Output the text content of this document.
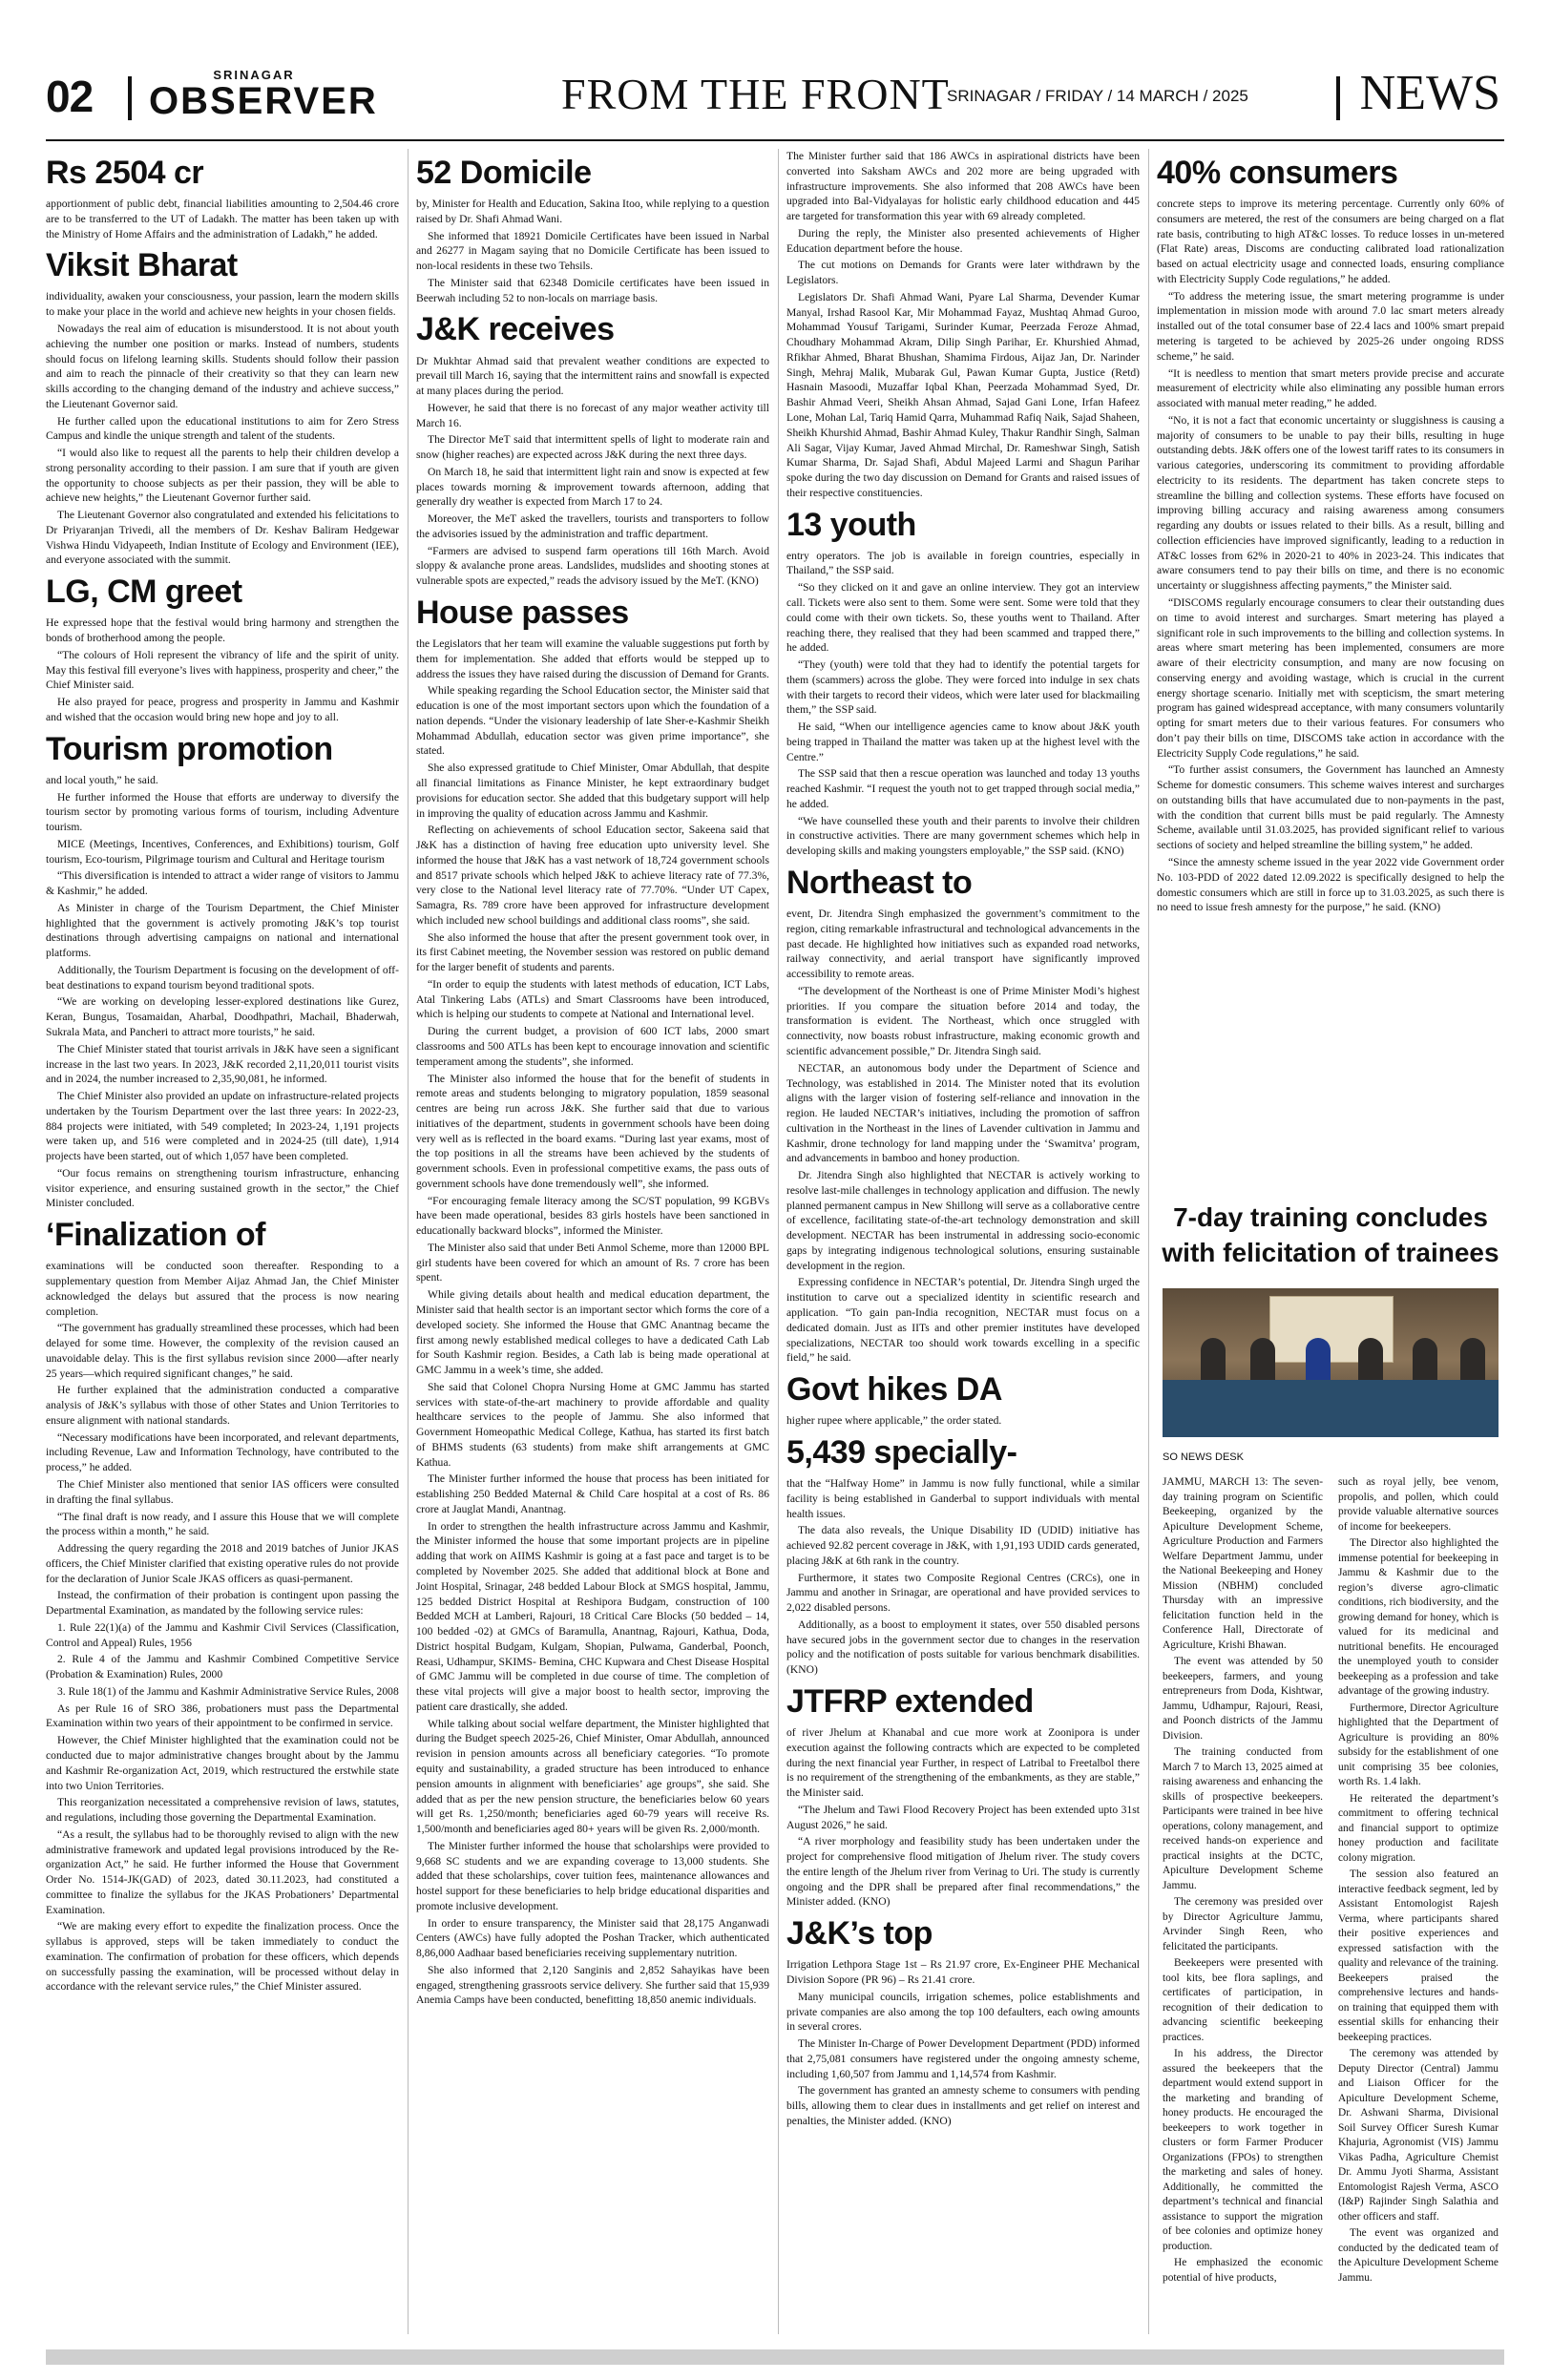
02	SRINAGAR
OBSERVER	FROM THE FRONT
SRINAGAR / FRIDAY / 14 MARCH / 2025 NEWS
Rs 2504 cr

apportionment of public debt, financial liabilities amounting to 2,504.46 crore are to be transferred to the UT of Ladakh. The matter has been taken up with the Ministry of Home Affairs and the administration of Ladakh,” he added.

Viksit Bharat

individuality, awaken your consciousness, your passion, learn the modern skills to make your place in the world and achieve new heights in your chosen fields.

Nowadays the real aim of education is misunderstood. It is not about youth achieving the number one position or marks. Instead of numbers, students should focus on lifelong learning skills. Students should follow their passion and aim to reach the pinnacle of their creativity so that they can learn new skills according to the changing demand of the industry and achieve success,” the Lieutenant Governor said.

He further called upon the educational institutions to aim for Zero Stress Campus and kindle the unique strength and talent of the students.

“I would also like to request all the parents to help their children develop a strong personality according to their passion. I am sure that if youth are given the opportunity to choose subjects as per their passion, they will be able to achieve new heights,” the Lieutenant Governor further said.

The Lieutenant Governor also congratulated and extended his felicitations to Dr Priyaranjan Trivedi, all the members of Dr. Keshav Baliram Hedgewar Vishwa Hindu Vidyapeeth, Indian Institute of Ecology and Environment (IEE), and everyone associated with the summit.

LG, CM greet

He expressed hope that the festival would bring harmony and strengthen the bonds of brotherhood among the people.

“The colours of Holi represent the vibrancy of life and the spirit of unity. May this festival fill everyone’s lives with happiness, prosperity and cheer,” the Chief Minister said.

He also prayed for peace, progress and prosperity in Jammu and Kashmir and wished that the occasion would bring new hope and joy to all.

Tourism promotion

and local youth,” he said.

He further informed the House that efforts are underway to diversify the tourism sector by promoting various forms of tourism, including Adventure tourism.

MICE (Meetings, Incentives, Conferences, and Exhibitions) tourism, Golf tourism, Eco-tourism, Pilgrimage tourism and Cultural and Heritage tourism

“This diversification is intended to attract a wider range of visitors to Jammu & Kashmir,” he added.

As Minister in charge of the Tourism Department, the Chief Minister highlighted that the government is actively promoting J&K’s top tourist destinations through advertising campaigns on national and international platforms.

Additionally, the Tourism Department is focusing on the development of off-beat destinations to expand tourism beyond traditional spots.

“We are working on developing lesser-explored destinations like Gurez, Keran, Bungus, Tosamaidan, Aharbal, Doodhpathri, Machail, Bhaderwah, Sukrala Mata, and Pancheri to attract more tourists,” he said.

The Chief Minister stated that tourist arrivals in J&K have seen a significant increase in the last two years. In 2023, J&K recorded 2,11,20,011 tourist visits and in 2024, the number increased to 2,35,90,081, he informed.

The Chief Minister also provided an update on infrastructure-related projects undertaken by the Tourism Department over the last three years: In 2022-23, 884 projects were initiated, with 549 completed; In 2023-24, 1,191 projects were taken up, and 516 were completed and in 2024-25 (till date), 1,914 projects have been started, out of which 1,057 have been completed.

“Our focus remains on strengthening tourism infrastructure, enhancing visitor experience, and ensuring sustained growth in the sector,” the Chief Minister concluded.

‘Finalization of

examinations will be conducted soon thereafter. Responding to a supplementary question from Member Aijaz Ahmad Jan, the Chief Minister acknowledged the delays but assured that the process is now nearing completion.

“The government has gradually streamlined these processes, which had been delayed for some time. However, the complexity of the revision caused an unavoidable delay. This is the first syllabus revision since 2000—after nearly 25 years—which required significant changes,” he said.

He further explained that the administration conducted a comparative analysis of J&K’s syllabus with those of other States and Union Territories to ensure alignment with national standards.

“Necessary modifications have been incorporated, and relevant departments, including Revenue, Law and Information Technology, have contributed to the process,” he added.

The Chief Minister also mentioned that senior IAS officers were consulted in drafting the final syllabus.

“The final draft is now ready, and I assure this House that we will complete the process within a month,” he said.

Addressing the query regarding the 2018 and 2019 batches of Junior JKAS officers, the Chief Minister clarified that existing operative rules do not provide for the declaration of Junior Scale JKAS officers as quasi-permanent.

Instead, the confirmation of their probation is contingent upon passing the Departmental Examination, as mandated by the following service rules:

1. Rule 22(1)(a) of the Jammu and Kashmir Civil Services (Classification, Control and Appeal) Rules, 1956

2. Rule 4 of the Jammu and Kashmir Combined Competitive Service (Probation & Examination) Rules, 2000

3. Rule 18(1) of the Jammu and Kashmir Administrative Service Rules, 2008

As per Rule 16 of SRO 386, probationers must pass the Departmental Examination within two years of their appointment to be confirmed in service.

However, the Chief Minister highlighted that the examination could not be conducted due to major administrative changes brought about by the Jammu and Kashmir Re-organization Act, 2019, which restructured the erstwhile state into two Union Territories.

This reorganization necessitated a comprehensive revision of laws, statutes, and regulations, including those governing the Departmental Examination.

“As a result, the syllabus had to be thoroughly revised to align with the new administrative framework and updated legal provisions introduced by the Re-organization Act,” he said. He further informed the House that Government Order No. 1514-JK(GAD) of 2023, dated 30.11.2023, had constituted a committee to finalize the syllabus for the JKAS Probationers’ Departmental Examination.

“We are making every effort to expedite the finalization process. Once the syllabus is approved, steps will be taken immediately to conduct the examination. The confirmation of probation for these officers, which depends on successfully passing the examination, will be processed without delay in accordance with the relevant service rules,” the Chief Minister assured.

52 Domicile

by, Minister for Health and Education, Sakina Itoo, while replying to a question raised by Dr. Shafi Ahmad Wani.

She informed that 18921 Domicile Certificates have been issued in Narbal and 26277 in Magam saying that no Domicile Certificate has been issued to non-local residents in these two Tehsils.

The Minister said that 62348 Domicile certificates have been issued in Beerwah including 52 to non-locals on marriage basis.

J&K receives

Dr Mukhtar Ahmad said that prevalent weather conditions are expected to prevail till March 16, saying that the intermittent rains and snowfall is expected at many places during the period.

However, he said that there is no forecast of any major weather activity till March 16.

The Director MeT said that intermittent spells of light to moderate rain and snow (higher reaches) are expected across J&K during the next three days.

On March 18, he said that intermittent light rain and snow is expected at few places towards morning & improvement towards afternoon, adding that generally dry weather is expected from March 17 to 24.

Moreover, the MeT asked the travellers, tourists and transporters to follow the advisories issued by the administration and traffic department.

“Farmers are advised to suspend farm operations till 16th March. Avoid sloppy & avalanche prone areas. Landslides, mudslides and shooting stones at vulnerable spots are expected,” reads the advisory issued by the MeT. (KNO)

House passes

the Legislators that her team will examine the valuable suggestions put forth by them for implementation. She added that efforts would be stepped up to address the issues they have raised during the discussion of Demand for Grants.

While speaking regarding the School Education sector, the Minister said that education is one of the most important sectors upon which the foundation of a nation depends. “Under the visionary leadership of late Sher-e-Kashmir Sheikh Mohammad Abdullah, education sector was given prime importance”, she stated.

She also expressed gratitude to Chief Minister, Omar Abdullah, that despite all financial limitations as Finance Minister, he kept extraordinary budget provisions for education sector. She added that this budgetary support will help in improving the quality of education across Jammu and Kashmir.

Reflecting on achievements of school Education sector, Sakeena said that J&K has a distinction of having free education upto university level. She informed the house that J&K has a vast network of 18,724 government schools and 8517 private schools which helped J&K to achieve literacy rate of 77.3%, very close to the National level literacy rate of 77.70%. “Under UT Capex, Samagra, Rs. 789 crore have been approved for infrastructure development which included new school buildings and additional class rooms”, she said.

She also informed the house that after the present government took over, in its first Cabinet meeting, the November session was restored on public demand for the larger benefit of students and parents.

“In order to equip the students with latest methods of education, ICT Labs, Atal Tinkering Labs (ATLs) and Smart Classrooms have been introduced, which is helping our students to compete at National and International level.

During the current budget, a provision of 600 ICT labs, 2000 smart classrooms and 500 ATLs has been kept to encourage innovation and scientific temperament among the students”, she informed.

The Minister also informed the house that for the benefit of students in remote areas and students belonging to migratory population, 1859 seasonal centres are being run across J&K. She further said that due to various initiatives of the department, students in government schools have been doing very well as is reflected in the board exams. “During last year exams, most of the top positions in all the streams have been achieved by the students of government schools. Even in professional competitive exams, the pass outs of government schools have done tremendously well”, she informed.

“For encouraging female literacy among the SC/ST population, 99 KGBVs have been made operational, besides 83 girls hostels have been sanctioned in educationally backward blocks”, informed the Minister.

The Minister also said that under Beti Anmol Scheme, more than 12000 BPL girl students have been covered for which an amount of Rs. 7 crore has been spent.

While giving details about health and medical education department, the Minister said that health sector is an important sector which forms the core of a developed society. She informed the House that GMC Anantnag became the first among newly established medical colleges to have a dedicated Cath Lab for South Kashmir region. Besides, a Cath lab is being made operational at GMC Jammu in a week’s time, she added.

She said that Colonel Chopra Nursing Home at GMC Jammu has started services with state-of-the-art machinery to provide affordable and quality healthcare services to the people of Jammu. She also informed that Government Homeopathic Medical College, Kathua, has started its first batch of BHMS students (63 students) from make shift arrangements at GMC Kathua.

The Minister further informed the house that process has been initiated for establishing 250 Bedded Maternal & Child Care hospital at a cost of Rs. 86 crore at Jauglat Mandi, Anantnag.

In order to strengthen the health infrastructure across Jammu and Kashmir, the Minister informed the house that some important projects are in pipeline adding that work on AIIMS Kashmir is going at a fast pace and target is to be completed by November 2025. She added that additional block at Bone and Joint Hospital, Srinagar, 248 bedded Labour Block at SMGS hospital, Jammu, 125 bedded District Hospital at Reshipora Budgam, construction of 100 Bedded MCH at Lamberi, Rajouri, 18 Critical Care Blocks (50 bedded – 14, 100 bedded -02) at GMCs of Baramulla, Anantnag, Rajouri, Kathua, Doda, District hospital Budgam, Kulgam, Shopian, Pulwama, Ganderbal, Poonch, Reasi, Udhampur, SKIMS- Bemina, CHC Kupwara and Chest Disease Hospital of GMC Jammu will be completed in due course of time. The completion of these vital projects will give a major boost to health sector, improving the patient care drastically, she added.

While talking about social welfare department, the Minister highlighted that during the Budget speech 2025-26, Chief Minister, Omar Abdullah, announced revision in pension amounts across all beneficiary categories. “To promote equity and sustainability, a graded structure has been introduced to enhance pension amounts in alignment with beneficiaries’ age groups”, she said. She added that as per the new pension structure, the beneficiaries below 60 years will get Rs. 1,250/month; beneficiaries aged 60-79 years will receive Rs. 1,500/month and beneficiaries aged 80+ years will be given Rs. 2,000/month.

The Minister further informed the house that scholarships were provided to 9,668 SC students and we are expanding coverage to 13,000 students. She added that these scholarships, cover tuition fees, maintenance allowances and hostel support for these beneficiaries to help bridge educational disparities and promote inclusive development.

In order to ensure transparency, the Minister said that 28,175 Anganwadi Centers (AWCs) have fully adopted the Poshan Tracker, which authenticated 8,86,000 Aadhaar based beneficiaries receiving supplementary nutrition.

She also informed that 2,120 Sanginis and 2,852 Sahayikas have been engaged, strengthening grassroots service delivery. She further said that 15,939 Anemia Camps have been conducted, benefitting 18,850 anemic individuals.

The Minister further said that 186 AWCs in aspirational districts have been converted into Saksham AWCs and 202 more are being upgraded with infrastructure improvements. She also informed that 208 AWCs have been upgraded into Bal-Vidyalayas for holistic early childhood education and 445 are targeted for transformation this year with 69 already completed.

During the reply, the Minister also presented achievements of Higher Education department before the house.

The cut motions on Demands for Grants were later withdrawn by the Legislators.

Legislators Dr. Shafi Ahmad Wani, Pyare Lal Sharma, Devender Kumar Manyal, Irshad Rasool Kar, Mir Mohammad Fayaz, Mushtaq Ahmad Guroo, Mohammad Yousuf Tarigami, Surinder Kumar, Peerzada Feroze Ahmad, Choudhary Mohammad Akram, Dilip Singh Parihar, Er. Khurshied Ahmad, Rfikhar Ahmed, Bharat Bhushan, Shamima Firdous, Aijaz Jan, Dr. Narinder Singh, Mehraj Malik, Mubarak Gul, Pawan Kumar Gupta, Justice (Retd) Hasnain Masoodi, Muzaffar Iqbal Khan, Peerzada Mohammad Syed, Dr. Bashir Ahmad Veeri, Sheikh Ahsan Ahmad, Sajad Gani Lone, Irfan Hafeez Lone, Mohan Lal, Tariq Hamid Qarra, Muhammad Rafiq Naik, Sajad Shaheen, Sheikh Khurshid Ahmad, Bashir Ahmad Kuley, Thakur Randhir Singh, Salman Ali Sagar, Vijay Kumar, Javed Ahmad Mirchal, Dr. Rameshwar Singh, Satish Kumar Sharma, Dr. Sajad Shafi, Abdul Majeed Larmi and Shagun Parihar spoke during the two day discussion on Demand for Grants and raised issues of their respective constituencies.

13 youth

entry operators. The job is available in foreign countries, especially in Thailand,” the SSP said.

“So they clicked on it and gave an online interview. They got an interview call. Tickets were also sent to them. Some were sent. Some were told that they could come with their own tickets. So, these youths went to Thailand. After reaching there, they realised that they had been scammed and trapped there,” he added.

“They (youth) were told that they had to identify the potential targets for them (scammers) across the globe. They were forced into indulge in sex chats with their targets to record their videos, which were later used for blackmailing them,” the SSP said.

He said, “When our intelligence agencies came to know about J&K youth being trapped in Thailand the matter was taken up at the highest level with the Centre.”

The SSP said that then a rescue operation was launched and today 13 youths reached Kashmir. “I request the youth not to get trapped through social media,” he added.

“We have counselled these youth and their parents to involve their children in constructive activities. There are many government schemes which help in developing skills and making youngsters employable,” the SSP said. (KNO)

Northeast to

event, Dr. Jitendra Singh emphasized the government’s commitment to the region, citing remarkable infrastructural and technological advancements in the past decade. He highlighted how initiatives such as expanded road networks, railway connectivity, and aerial transport have significantly improved accessibility to remote areas.

“The development of the Northeast is one of Prime Minister Modi’s highest priorities. If you compare the situation before 2014 and today, the transformation is evident. The Northeast, which once struggled with connectivity, now boasts robust infrastructure, making economic growth and scientific advancement possible,” Dr. Jitendra Singh said.

NECTAR, an autonomous body under the Department of Science and Technology, was established in 2014. The Minister noted that its evolution aligns with the larger vision of fostering self-reliance and innovation in the region. He lauded NECTAR’s initiatives, including the promotion of saffron cultivation in the Northeast in the lines of Lavender cultivation in Jammu and Kashmir, drone technology for land mapping under the ‘Swamitva’ program, and advancements in bamboo and honey production.

Dr. Jitendra Singh also highlighted that NECTAR is actively working to resolve last-mile challenges in technology application and diffusion. The newly planned permanent campus in New Shillong will serve as a collaborative centre of excellence, facilitating state-of-the-art technology demonstration and skill development. NECTAR has been instrumental in addressing socio-economic gaps by integrating indigenous technological solutions, ensuring sustainable development in the region.

Expressing confidence in NECTAR’s potential, Dr. Jitendra Singh urged the institution to carve out a specialized identity in scientific research and application. “To gain pan-India recognition, NECTAR must focus on a dedicated domain. Just as IITs and other premier institutes have developed specializations, NECTAR too should work towards excelling in a specific field,” he said.

Govt hikes DA

higher rupee where applicable,” the order stated.

5,439 specially-

that the “Halfway Home” in Jammu is now fully functional, while a similar facility is being established in Ganderbal to support individuals with mental health issues.

The data also reveals, the Unique Disability ID (UDID) initiative has achieved 92.82 percent coverage in J&K, with 1,91,193 UDID cards generated, placing J&K at 6th rank in the country.

Furthermore, it states two Composite Regional Centres (CRCs), one in Jammu and another in Srinagar, are operational and have provided services to 2,022 disabled persons.

Additionally, as a boost to employment it states, over 550 disabled persons have secured jobs in the government sector due to changes in the reservation policy and the notification of posts suitable for various benchmark disabilities. (KNO)

JTFRP extended

of river Jhelum at Khanabal and cue more work at Zoonipora is under execution against the following contracts which are expected to be completed during the next financial year Further, in respect of Latribal to Freetalbol there is no requirement of the strengthening of the embankments, as they are stable,” the Minister said.

“The Jhelum and Tawi Flood Recovery Project has been extended upto 31st August 2026,” he said.

“A river morphology and feasibility study has been undertaken under the project for comprehensive flood mitigation of Jhelum river. The study covers the entire length of the Jhelum river from Verinag to Uri. The study is currently ongoing and the DPR shall be prepared after final recommendations,” the Minister added. (KNO)

J&K’s top

Irrigation Lethpora Stage 1st – Rs 21.97 crore, Ex-Engineer PHE Mechanical Division Sopore (PR 96) – Rs 21.41 crore.

Many municipal councils, irrigation schemes, police establishments and private companies are also among the top 100 defaulters, each owing amounts in several crores.

The Minister In-Charge of Power Development Department (PDD) informed that 2,75,081 consumers have registered under the ongoing amnesty scheme, including 1,60,507 from Jammu and 1,14,574 from Kashmir.

The government has granted an amnesty scheme to consumers with pending bills, allowing them to clear dues in installments and get relief on interest and penalties, the Minister added. (KNO)

40% consumers

concrete steps to improve its metering percentage. Currently only 60% of consumers are metered, the rest of the consumers are being charged on a flat rate basis, contributing to high AT&C losses. To reduce losses in un-metered (Flat Rate) areas, Discoms are conducting calibrated load rationalization based on actual electricity usage and connected loads, ensuring compliance with Electricity Supply Code regulations,” he added.

“To address the metering issue, the smart metering programme is under implementation in mission mode with around 7.0 lac smart meters already installed out of the total consumer base of 22.4 lacs and 100% smart prepaid metering is targeted to be achieved by 2025-26 under ongoing RDSS scheme,” he said.

“It is needless to mention that smart meters provide precise and accurate measurement of electricity while also eliminating any possible human errors associated with manual meter reading,” he added.

“No, it is not a fact that economic uncertainty or sluggishness is causing a majority of consumers to be unable to pay their bills, resulting in huge outstanding debts. J&K offers one of the lowest tariff rates to its consumers in various categories, underscoring its commitment to providing affordable electricity to its residents. The department has taken concrete steps to streamline the billing and collection systems. These efforts have focused on improving billing accuracy and raising awareness among consumers regarding any doubts or issues related to their bills. As a result, billing and collection efficiencies have improved significantly, leading to a reduction in AT&C losses from 62% in 2020-21 to 40% in 2023-24. This indicates that aware consumers tend to pay their bills on time, and there is no economic uncertainty or sluggishness affecting payments,” the Minister said.

“DISCOMS regularly encourage consumers to clear their outstanding dues on time to avoid interest and surcharges. Smart metering has played a significant role in such improvements to the billing and collection systems. In areas where smart metering has been implemented, consumers are more aware of their electricity consumption, and many are now focusing on conserving energy and avoiding wastage, which is crucial in the current energy shortage scenario. Initially met with scepticism, the smart metering program has gained widespread acceptance, with many consumers voluntarily opting for smart meters due to their various features. For consumers who don’t pay their bills on time, DISCOMS take action in accordance with the Electricity Supply Code regulations,” he said.

“To further assist consumers, the Government has launched an Amnesty Scheme for domestic consumers. This scheme waives interest and surcharges on outstanding bills that have accumulated due to non-payments in the past, with the condition that current bills must be paid regularly. The Amnesty Scheme, available until 31.03.2025, has provided significant relief to various sections of society and helped streamline the billing system,” he added.

“Since the amnesty scheme issued in the year 2022 vide Government order No. 103-PDD of 2022 dated 12.09.2022 is specifically designed to help the domestic consumers which are still in force up to 31.03.2025, as such there is no need to issue fresh amnesty for the purpose,” he said. (KNO)

7-day training concludes with felicitation of trainees
SO NEWS DESK

JAMMU, MARCH 13: The seven-day training program on Scientific Beekeeping, organized by the Apiculture Development Scheme, Agriculture Production and Farmers Welfare Department Jammu, under the National Beekeeping and Honey Mission (NBHM) concluded Thursday with an impressive felicitation function held in the Conference Hall, Directorate of Agriculture, Krishi Bhawan.

The event was attended by 50 beekeepers, farmers, and young entrepreneurs from Doda, Kishtwar, Jammu, Udhampur, Rajouri, Reasi, and Poonch districts of the Jammu Division.

The training conducted from March 7 to March 13, 2025 aimed at raising awareness and enhancing the skills of prospective beekeepers. Participants were trained in bee hive operations, colony management, and received hands-on experience and practical insights at the DCTC, Apiculture Development Scheme Jammu.

The ceremony was presided over by Director Agriculture Jammu, Arvinder Singh Reen, who felicitated the participants.

Beekeepers were presented with tool kits, bee flora saplings, and certificates of participation, in recognition of their dedication to advancing scientific beekeeping practices.

In his address, the Director assured the beekeepers that the department would extend support in the marketing and branding of honey products. He encouraged the beekeepers to work together in clusters or form Farmer Producer Organizations (FPOs) to strengthen the marketing and sales of honey. Additionally, he committed the department’s technical and financial assistance to support the migration of bee colonies and optimize honey production.

He emphasized the economic potential of hive products,

such as royal jelly, bee venom, propolis, and pollen, which could provide valuable alternative sources of income for beekeepers.

The Director also highlighted the immense potential for beekeeping in Jammu & Kashmir due to the region’s diverse agro-climatic conditions, rich biodiversity, and the growing demand for honey, which is valued for its medicinal and nutritional benefits. He encouraged the unemployed youth to consider beekeeping as a profession and take advantage of the growing industry.

Furthermore, Director Agriculture highlighted that the Department of Agriculture is providing an 80% subsidy for the establishment of one unit comprising 35 bee colonies, worth Rs. 1.4 lakh.

He reiterated the department’s commitment to offering technical and financial support to optimize honey production and facilitate colony migration.

The session also featured an interactive feedback segment, led by Assistant Entomologist Rajesh Verma, where participants shared their positive experiences and expressed satisfaction with the quality and relevance of the training. Beekeepers praised the comprehensive lectures and hands-on training that equipped them with essential skills for enhancing their beekeeping practices.

The ceremony was attended by Deputy Director (Central) Jammu and Liaison Officer for the Apiculture Development Scheme, Dr. Ashwani Sharma, Divisional Soil Survey Officer Suresh Kumar Khajuria, Agronomist (VIS) Jammu Vikas Padha, Agriculture Chemist Dr. Ammu Jyoti Sharma, Assistant Entomologist Rajesh Verma, ASCO (I&P) Rajinder Singh Salathia and other officers and staff.

The event was organized and conducted by the dedicated team of the Apiculture Development Scheme Jammu.
